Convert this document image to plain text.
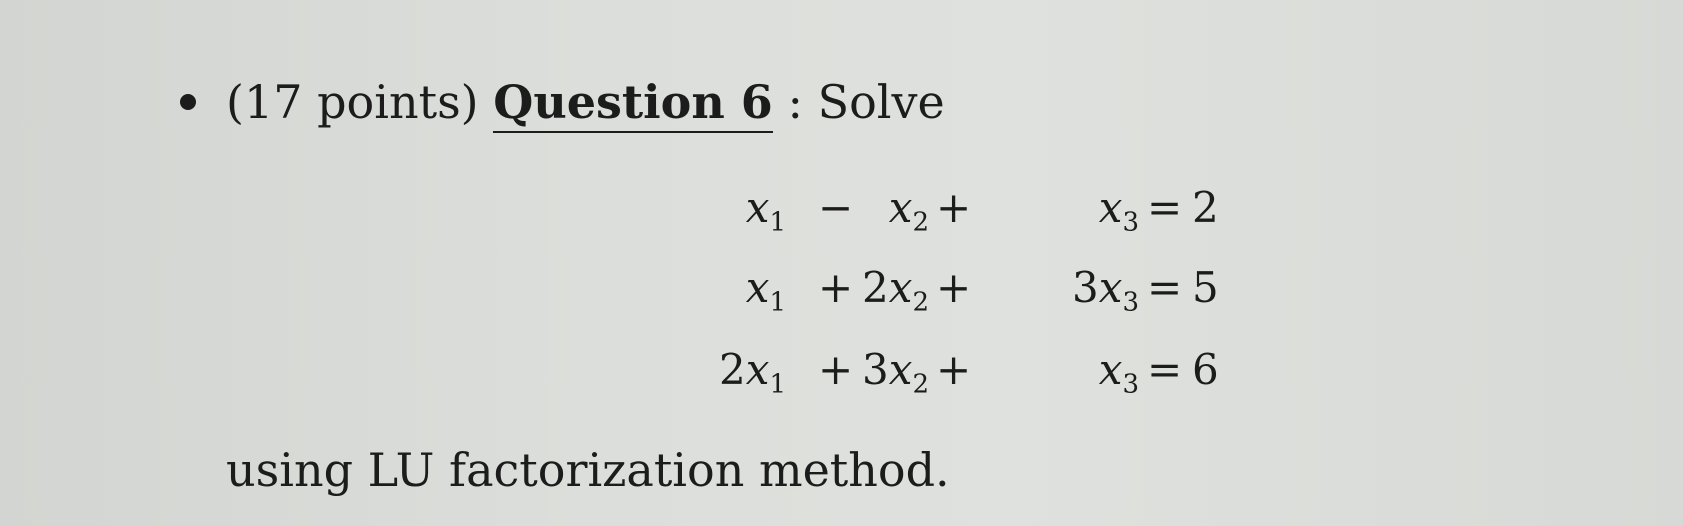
(17 points) Question 6 : Solve
$x_1 - x_2$ +	$x_3 = 2$
$x_1 + 2x_2 + 3x_3 = 5$
$2x_1 + 3x_2$ +	$x_3 = 6$
using LU factorization method.
